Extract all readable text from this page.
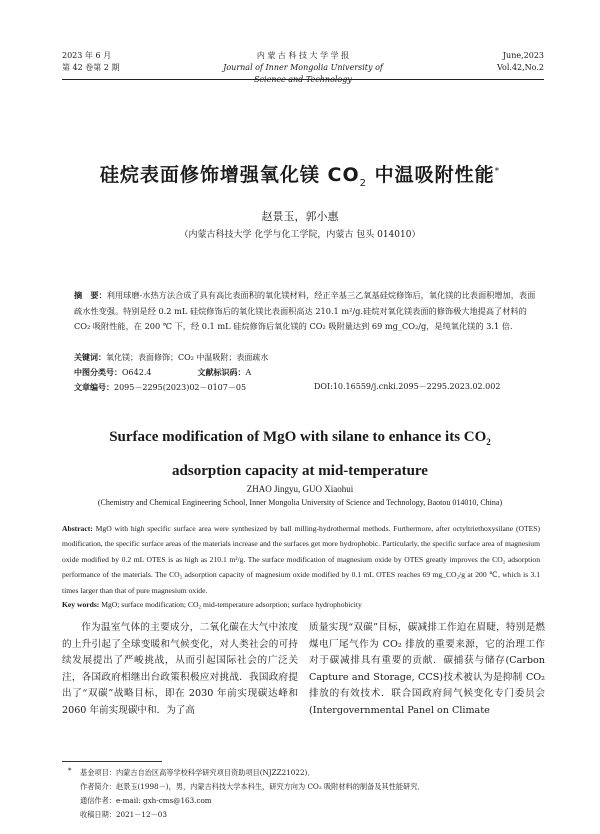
2023 年 6 月
第 42 卷第 2 期
内 蒙 古 科 技 大 学 学 报
Journal of Inner Mongolia University of Science and Technology
June,2023
Vol.42,No.2
硅烷表面修饰增强氧化镁 $CO_2$ 中温吸附性能*
赵景玉，郭小惠
（内蒙古科技大学 化学与化工学院，内蒙古 包头 014010）
摘　要：利用球磨-水热方法合成了具有高比表面积的氧化镁材料，经正辛基三乙氧基硅烷修饰后，氧化镁的比表面积增加，表面疏水性变强。特别是经 0.2 mL 硅烷修饰后的氧化镁比表面积高达 210.1 m²/g.硅烷对氧化镁表面的修饰极大地提高了材料的 CO₂ 吸附性能，在 200 ℃ 下，经 0.1 mL 硅烷修饰后氧化镁的 CO₂ 吸附量达到 69 mg_CO₂/g，是纯氧化镁的 3.1 倍.
关键词：氧化镁；表面修饰；CO₂ 中温吸附；表面疏水
中图分类号：O642.4	文献标识码：A
文章编号：2095－2295(2023)02－0107－05	DOI:10.16559/j.cnki.2095－2295.2023.02.002
Surface modification of MgO with silane to enhance its $CO_2$
adsorption capacity at mid-temperature
ZHAO Jingyu, GUO Xiaohui
(Chemistry and Chemical Engineering School, Inner Mongolia University of Science and Technology, Baotou 014010, China)
Abstract: MgO with high specific surface area were synthesized by ball milling-hydrothermal methods. Furthermore, after octyltriethoxysilane (OTES) modification, the specific surface areas of the materials increase and the surfaces get more hydrophobic. Particularly, the specific surface area of magnesium oxide modified by 0.2 mL OTES is as high as 210.1 m²/g. The surface modification of magnesium oxide by OTES greatly improves the CO₂ adsorption performance of the materials. The CO₂ adsorption capacity of magnesium oxide modified by 0.1 mL OTES reaches 69 mg_CO₂/g at 200 ℃, which is 3.1 times larger than that of pure magnesium oxide.
Key words: MgO; surface modification; CO₂ mid-temperature adsorption; surface hydrophobicity
作为温室气体的主要成分，二氧化碳在大气中浓度的上升引起了全球变暖和气候变化，对人类社会的可持续发展提出了严峻挑战，从而引起国际社会的广泛关注，各国政府相继出台政策积极应对挑战．我国政府提出了“双碳”战略目标，即在 2030 年前实现碳达峰和 2060 年前实现碳中和．为了高
质量实现“双碳”目标，碳减排工作迫在眉睫，特别是燃煤电厂尾气作为 CO₂ 排放的重要来源，它的治理工作对于碳减排具有重要的贡献．碳捕获与储存(Carbon Capture and Storage, CCS)技术被认为是抑制 CO₂ 排放的有效技术．联合国政府间气候变化专门委员会(Intergovernmental Panel on Climate
* 基金项目：内蒙古自治区高等学校科学研究项目资助项目(NJZZ21022)．
作者简介：赵景玉(1998－)，男，内蒙古科技大学本科生，研究方向为 CO₂ 吸附材料的制备及其性能研究．
通信作者：e-mail: gxh-cms@163.com
收稿日期：2021－12－03
